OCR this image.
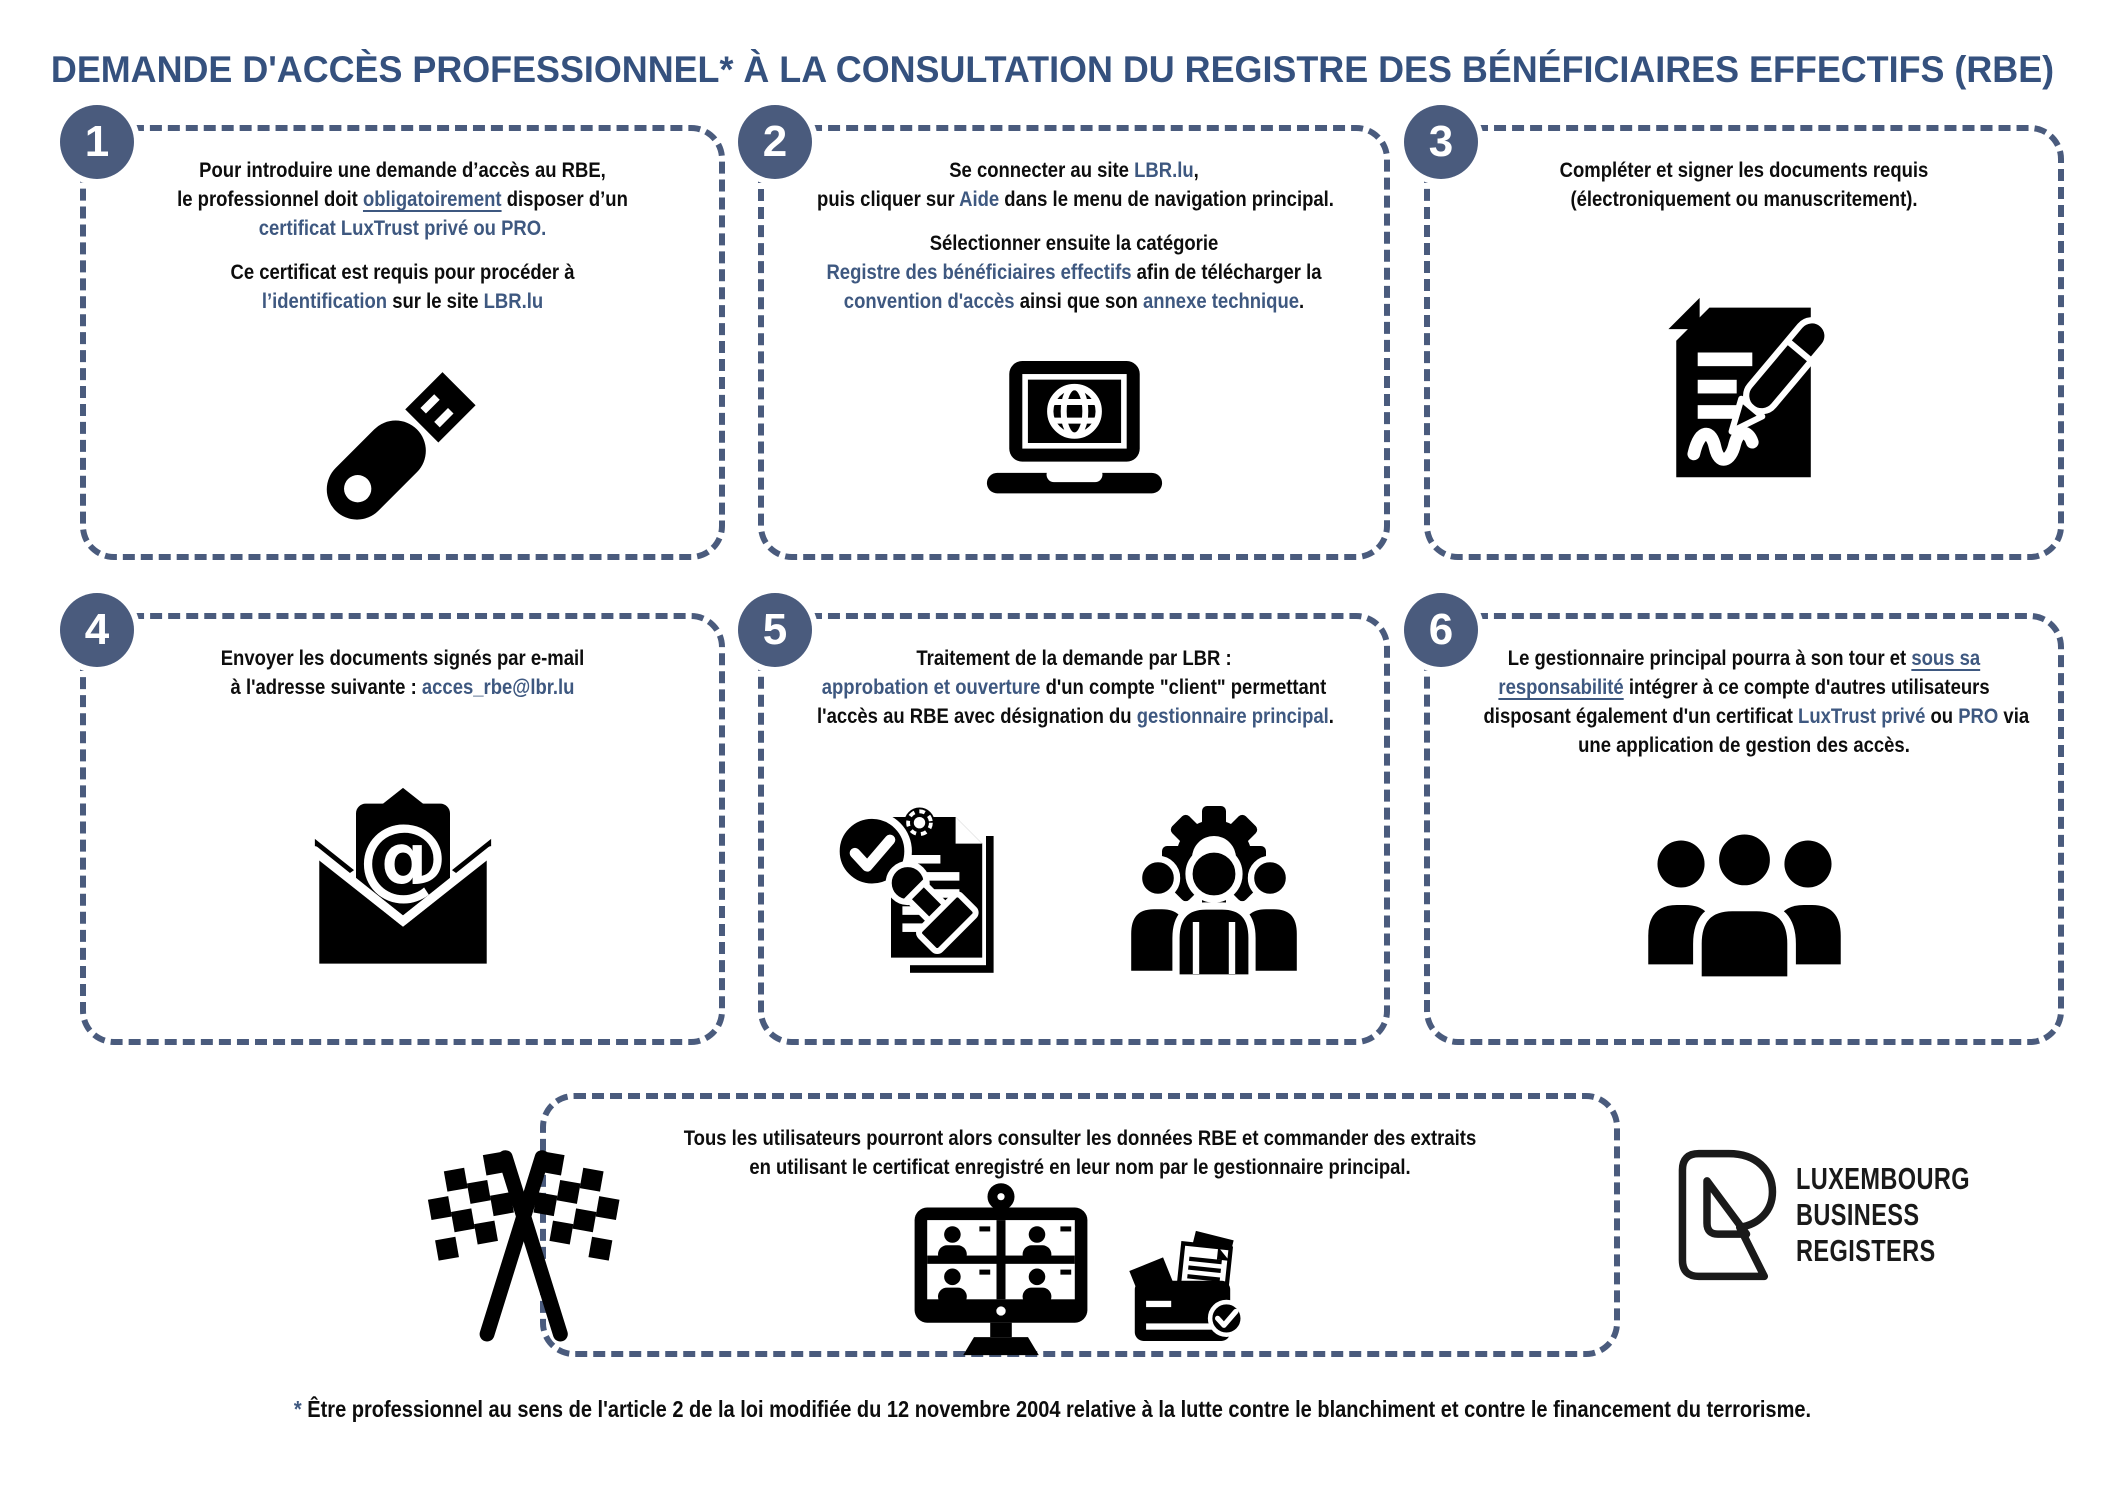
DEMANDE D'ACCÈS PROFESSIONNEL* À LA CONSULTATION DU REGISTRE DES BÉNÉFICIAIRES EFFECTIFS (RBE)
1

Pour introduire une demande d’accès au RBE,
le professionnel doit obligatoirement disposer d’un
certificat LuxTrust privé ou PRO.

Ce certificat est requis pour procéder à
l’identification sur le site LBR.lu

2

Se connecter au site LBR.lu,
puis cliquer sur Aide dans le menu de navigation principal.

Sélectionner ensuite la catégorie
Registre des bénéficiaires effectifs afin de télécharger la
convention d'accès ainsi que son annexe technique.

3

Compléter et signer les documents requis
(électroniquement ou manuscritement).

4

Envoyer les documents signés par e-mail
à l'adresse suivante : acces_rbe@lbr.lu

@
5

Traitement de la demande par LBR :
approbation et ouverture d'un compte "client" permettant
l'accès au RBE avec désignation du gestionnaire principal.

6

Le gestionnaire principal pourra à son tour et sous sa
responsabilité intégrer à ce compte d'autres utilisateurs
disposant également d'un certificat LuxTrust privé ou PRO via
une application de gestion des accès.

Tous les utilisateurs pourront alors consulter les données RBE et commander des extraits
en utilisant le certificat enregistré en leur nom par le gestionnaire principal.	LUXEMBOURG
BUSINESS
REGISTERS

* Être professionnel au sens de l'article 2 de la loi modifiée du 12 novembre 2004 relative à la lutte contre le blanchiment et contre le financement du terrorisme.
